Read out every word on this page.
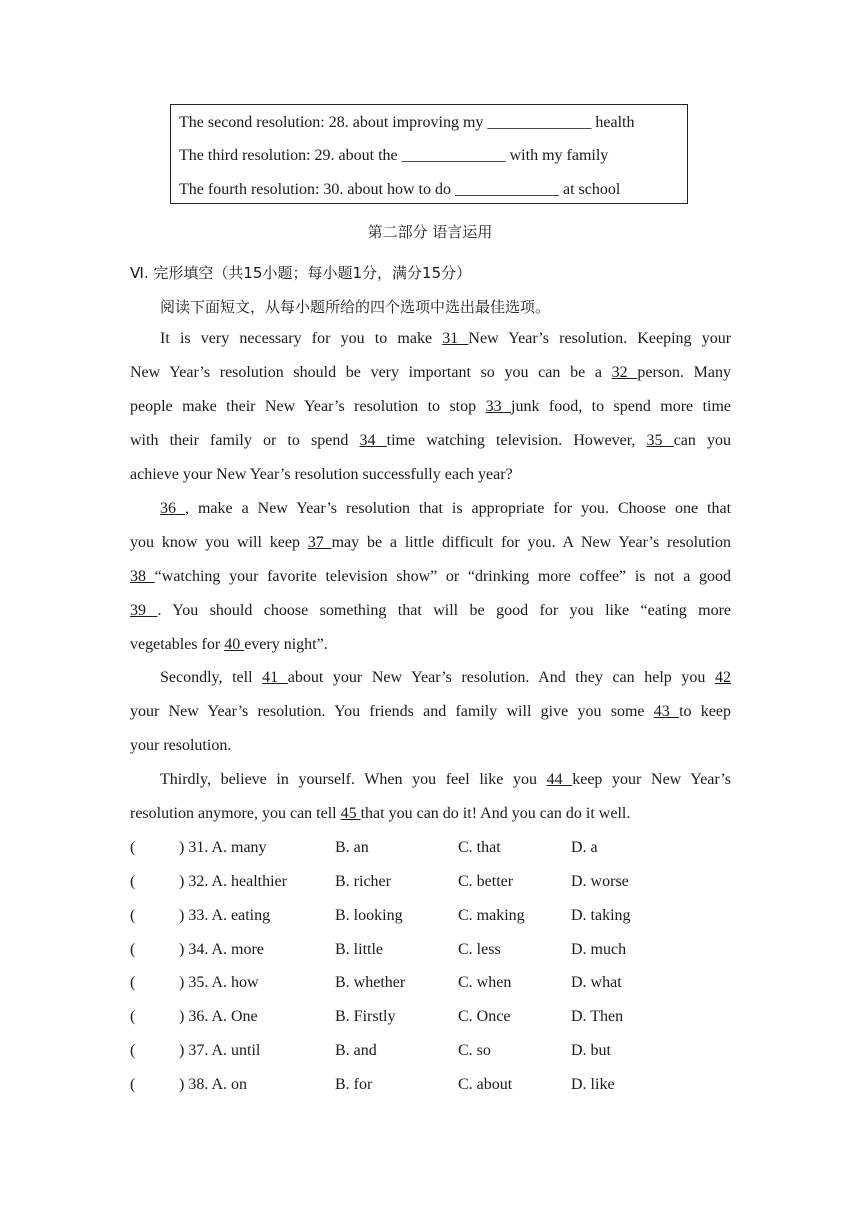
The second resolution: 28. about improving my _____________ health
The third resolution: 29. about the _____________ with my family
The fourth resolution: 30. about how to do _____________ at school
第二部分 语言运用
Ⅵ. 完形填空（共15小题；每小题1分，满分15分）
阅读下面短文，从每小题所给的四个选项中选出最佳选项。
It is very necessary for you to make 31 New Year’s resolution. Keeping your
New Year’s resolution should be very important so you can be a 32 person. Many
people make their New Year’s resolution to stop 33 junk food, to spend more time
with their family or to spend 34 time watching television. However, 35 can you
achieve your New Year’s resolution successfully each year?
36 , make a New Year’s resolution that is appropriate for you. Choose one that
you know you will keep 37 may be a little difficult for you. A New Year’s resolution
38 “watching your favorite television show” or “drinking more coffee” is not a good
39 . You should choose something that will be good for you like “eating more
vegetables for 40 every night”.
Secondly, tell 41 about your New Year’s resolution. And they can help you 42
your New Year’s resolution. You friends and family will give you some 43 to keep
your resolution.
Thirdly, believe in yourself. When you feel like you 44 keep your New Year’s
resolution anymore, you can tell 45 that you can do it! And you can do it well.
(	) 31. A. many	B. an	C. that	D. a
(	) 32. A. healthier	B. richer	C. better	D. worse
(	) 33. A. eating	B. looking	C. making	D. taking
(	) 34. A. more	B. little	C. less	D. much
(	) 35. A. how	B. whether	C. when	D. what
(	) 36. A. One	B. Firstly	C. Once	D. Then
(	) 37. A. until	B. and	C. so	D. but
(	) 38. A. on	B. for	C. about	D. like
